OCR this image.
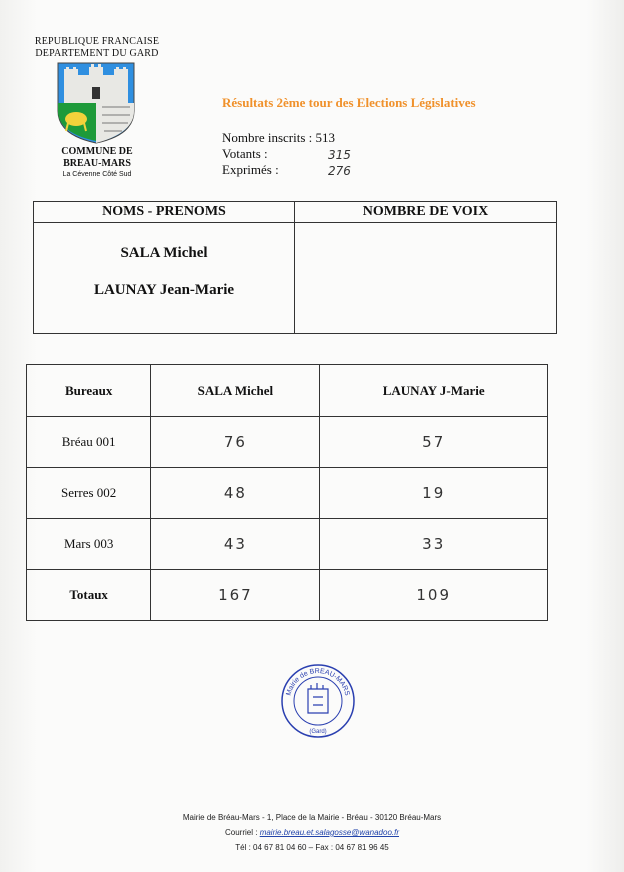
REPUBLIQUE FRANCAISE
DEPARTEMENT DU GARD
COMMUNE DE
BREAU-MARS
La Cévenne Côté Sud
Résultats 2ème tour des Elections Législatives
Nombre inscrits : 513
Votants :	315
Exprimés :	276
NOMS - PRENOMS	NOMBRE DE VOIX

SALA Michel
LAUNAY Jean-Marie	

Bureaux	SALA Michel	LAUNAY J-Marie
Bréau 001	76	57
Serres 002	48	19
Mars 003	43	33
Totaux	167	109
Mairie de BREAU-MARS
(Gard)
Mairie de Bréau-Mars - 1, Place de la Mairie - Bréau - 30120 Bréau-Mars
Courriel : mairie.breau.et.salagosse@wanadoo.fr
Tél : 04 67 81 04 60 – Fax : 04 67 81 96 45
